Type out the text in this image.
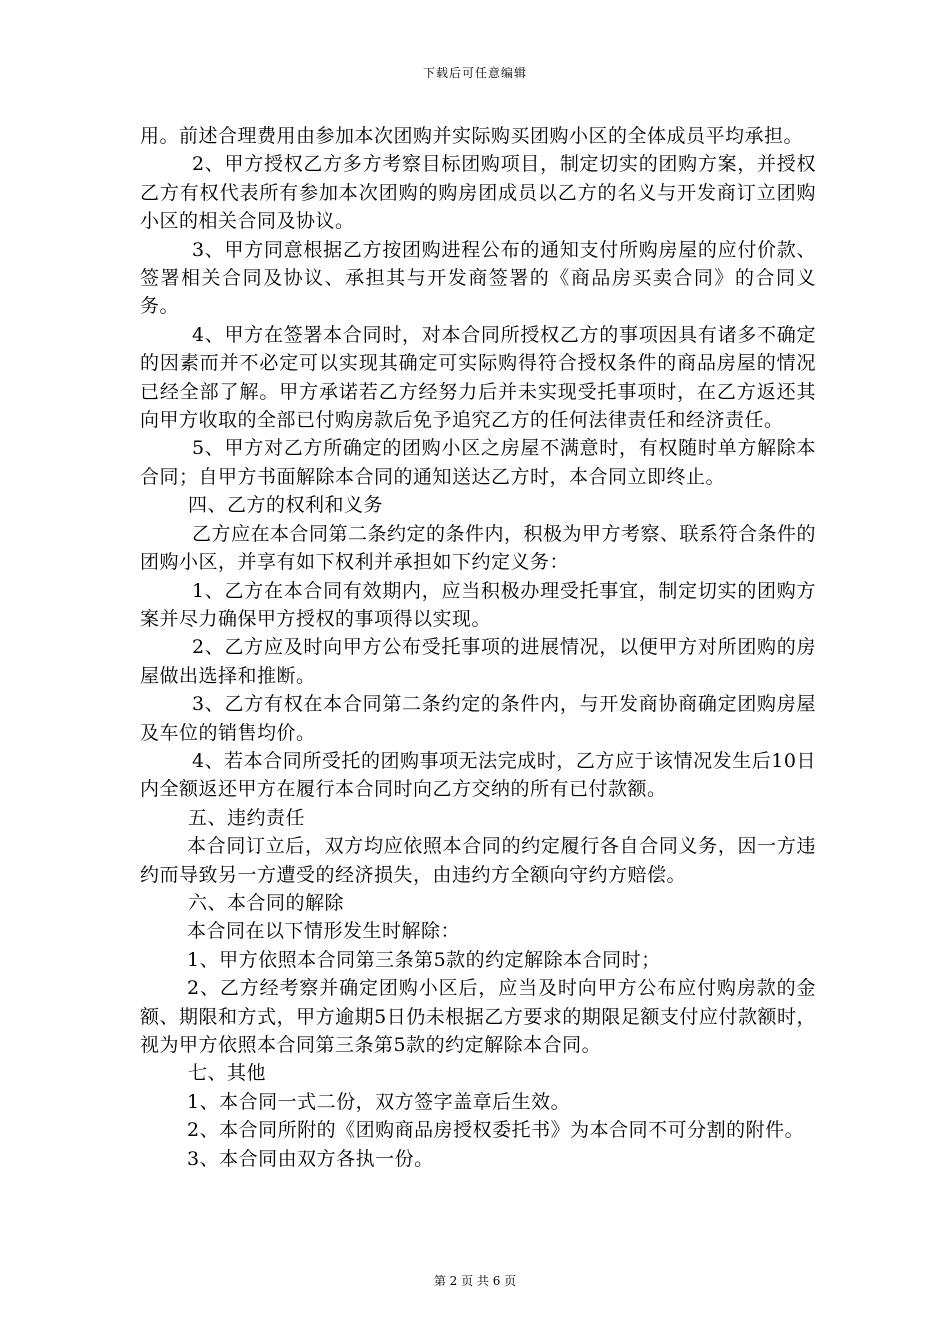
下载后可任意编辑

用。前述合理费用由参加本次团购并实际购买团购小区的全体成员平均承担。

2、甲方授权乙方多方考察目标团购项目，制定切实的团购方案，并授权乙方有权代表所有参加本次团购的购房团成员以乙方的名义与开发商订立团购小区的相关合同及协议。

3、甲方同意根据乙方按团购进程公布的通知支付所购房屋的应付价款、签署相关合同及协议、承担其与开发商签署的《商品房买卖合同》的合同义务。

4、甲方在签署本合同时，对本合同所授权乙方的事项因具有诸多不确定的因素而并不必定可以实现其确定可实际购得符合授权条件的商品房屋的情况已经全部了解。甲方承诺若乙方经努力后并未实现受托事项时，在乙方返还其向甲方收取的全部已付购房款后免予追究乙方的任何法律责任和经济责任。

5、甲方对乙方所确定的团购小区之房屋不满意时，有权随时单方解除本合同；自甲方书面解除本合同的通知送达乙方时，本合同立即终止。

四、乙方的权利和义务

乙方应在本合同第二条约定的条件内，积极为甲方考察、联系符合条件的团购小区，并享有如下权利并承担如下约定义务：

1、乙方在本合同有效期内，应当积极办理受托事宜，制定切实的团购方案并尽力确保甲方授权的事项得以实现。

2、乙方应及时向甲方公布受托事项的进展情况，以便甲方对所团购的房屋做出选择和推断。

3、乙方有权在本合同第二条约定的条件内，与开发商协商确定团购房屋及车位的销售均价。

4、若本合同所受托的团购事项无法完成时，乙方应于该情况发生后10日内全额返还甲方在履行本合同时向乙方交纳的所有已付款额。

五、违约责任

本合同订立后，双方均应依照本合同的约定履行各自合同义务，因一方违约而导致另一方遭受的经济损失，由违约方全额向守约方赔偿。

六、本合同的解除

本合同在以下情形发生时解除：

1、甲方依照本合同第三条第5款的约定解除本合同时；

2、乙方经考察并确定团购小区后，应当及时向甲方公布应付购房款的金额、期限和方式，甲方逾期5日仍未根据乙方要求的期限足额支付应付款额时，视为甲方依照本合同第三条第5款的约定解除本合同。

七、其他

1、本合同一式二份，双方签字盖章后生效。

2、本合同所附的《团购商品房授权委托书》为本合同不可分割的附件。

3、本合同由双方各执一份。

第 2 页 共 6 页
